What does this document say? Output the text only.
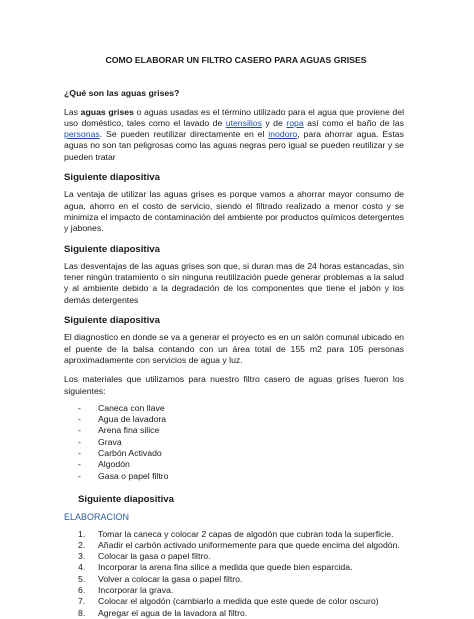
COMO ELABORAR UN FILTRO CASERO PARA AGUAS GRISES
¿Qué son las aguas grises?

Las aguas grises o aguas usadas es el término utilizado para el agua que proviene del uso doméstico, tales como el lavado de utensilios y de ropa así como el baño de las personas. Se pueden reutilizar directamente en el inodoro, para ahorrar agua. Estas aguas no son tan peligrosas como las aguas negras pero igual se pueden reutilizar y se pueden tratar

Siguiente diapositiva

La ventaja de utilizar las aguas grises es porque vamos a ahorrar mayor consumo de agua, ahorro en el costo de servicio, siendo el filtrado realizado a menor costo y se minimiza el impacto de contaminación del ambiente por productos químicos detergentes y jabones.

Siguiente diapositiva

Las desventajas de las aguas grises son que, si duran mas de 24 horas estancadas, sin tener ningún tratamiento o sin ninguna reutilización puede generar problemas a la salud y al ambiente debido a la degradación de los componentes que tiene el jabón y los demás detergentes

Siguiente diapositiva

El diagnostico en donde se va a generar el proyecto es en un salón comunal ubicado en el puente de la balsa contando con un área total de 155 m2 para 105 personas aproximadamente con servicios de agua y luz.

Los materiales que utilizamos para nuestro filtro casero de aguas grises fueron los siguientes:

- Caneca con llave
- Agua de lavadora
- Arena fina silice
- Grava
- Carbón Activado
- Algodón
- Gasa o papel filtro
Siguiente diapositiva
ELABORACION
1. Tomar la caneca y colocar 2 capas de algodón que cubran toda la superficie.
2. Añadir el carbón activado uniformemente para que quede encima del algodón.
3. Colocar la gasa o papel filtro.
4. Incorporar la arena fina silice a medida que quede bien esparcida.
5. Volver a colocar la gasa o papel filtro.
6. Incorporar la grava.
7. Colocar el algodón (cambiarlo a medida que este quede de color oscuro)
8. Agregar el agua de la lavadora al filtro.
